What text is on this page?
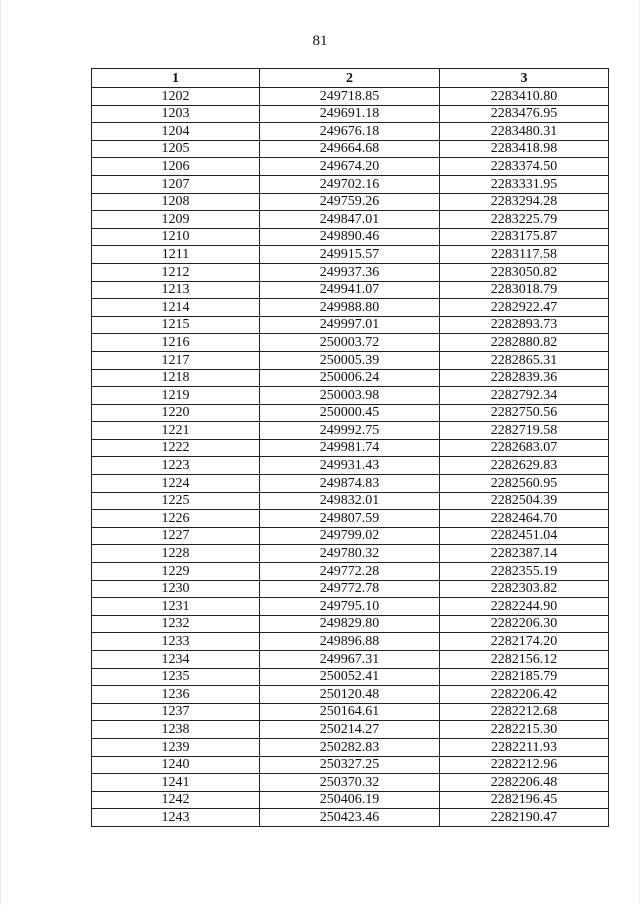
81
1	2	3
1202	249718.85	2283410.80
1203	249691.18	2283476.95
1204	249676.18	2283480.31
1205	249664.68	2283418.98
1206	249674.20	2283374.50
1207	249702.16	2283331.95
1208	249759.26	2283294.28
1209	249847.01	2283225.79
1210	249890.46	2283175.87
1211	249915.57	2283117.58
1212	249937.36	2283050.82
1213	249941.07	2283018.79
1214	249988.80	2282922.47
1215	249997.01	2282893.73
1216	250003.72	2282880.82
1217	250005.39	2282865.31
1218	250006.24	2282839.36
1219	250003.98	2282792.34
1220	250000.45	2282750.56
1221	249992.75	2282719.58
1222	249981.74	2282683.07
1223	249931.43	2282629.83
1224	249874.83	2282560.95
1225	249832.01	2282504.39
1226	249807.59	2282464.70
1227	249799.02	2282451.04
1228	249780.32	2282387.14
1229	249772.28	2282355.19
1230	249772.78	2282303.82
1231	249795.10	2282244.90
1232	249829.80	2282206.30
1233	249896.88	2282174.20
1234	249967.31	2282156.12
1235	250052.41	2282185.79
1236	250120.48	2282206.42
1237	250164.61	2282212.68
1238	250214.27	2282215.30
1239	250282.83	2282211.93
1240	250327.25	2282212.96
1241	250370.32	2282206.48
1242	250406.19	2282196.45
1243	250423.46	2282190.47
